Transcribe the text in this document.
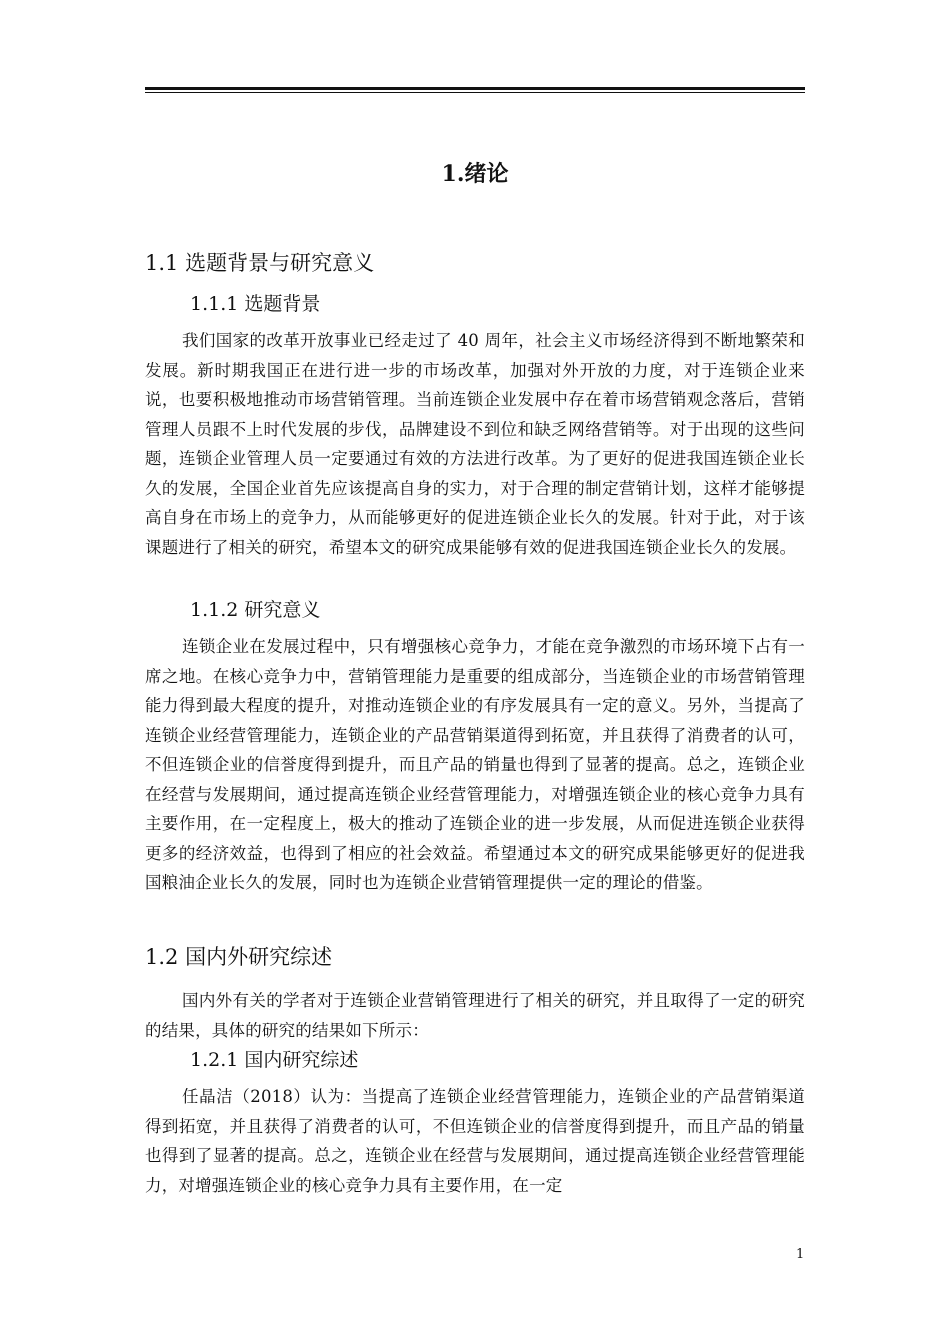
1.绪论
1.1 选题背景与研究意义
1.1.1 选题背景

我们国家的改革开放事业已经走过了 40 周年，社会主义市场经济得到不断地繁荣和发展。新时期我国正在进行进一步的市场改革，加强对外开放的力度，对于连锁企业来说，也要积极地推动市场营销管理。当前连锁企业发展中存在着市场营销观念落后，营销管理人员跟不上时代发展的步伐，品牌建设不到位和缺乏网络营销等。对于出现的这些问题，连锁企业管理人员一定要通过有效的方法进行改革。为了更好的促进我国连锁企业长久的发展，全国企业首先应该提高自身的实力，对于合理的制定营销计划，这样才能够提高自身在市场上的竞争力，从而能够更好的促进连锁企业长久的发展。针对于此，对于该课题进行了相关的研究，希望本文的研究成果能够有效的促进我国连锁企业长久的发展。

1.1.2 研究意义

连锁企业在发展过程中，只有增强核心竞争力，才能在竞争激烈的市场环境下占有一席之地。在核心竞争力中，营销管理能力是重要的组成部分，当连锁企业的市场营销管理能力得到最大程度的提升，对推动连锁企业的有序发展具有一定的意义。另外，当提高了连锁企业经营管理能力，连锁企业的产品营销渠道得到拓宽，并且获得了消费者的认可，不但连锁企业的信誉度得到提升，而且产品的销量也得到了显著的提高。总之，连锁企业在经营与发展期间，通过提高连锁企业经营管理能力，对增强连锁企业的核心竞争力具有主要作用，在一定程度上，极大的推动了连锁企业的进一步发展，从而促进连锁企业获得更多的经济效益，也得到了相应的社会效益。希望通过本文的研究成果能够更好的促进我国粮油企业长久的发展，同时也为连锁企业营销管理提供一定的理论的借鉴。

1.2 国内外研究综述

国内外有关的学者对于连锁企业营销管理进行了相关的研究，并且取得了一定的研究的结果，具体的研究的结果如下所示：

1.2.1 国内研究综述

任晶洁（2018）认为：当提高了连锁企业经营管理能力，连锁企业的产品营销渠道得到拓宽，并且获得了消费者的认可，不但连锁企业的信誉度得到提升，而且产品的销量也得到了显著的提高。总之，连锁企业在经营与发展期间，通过提高连锁企业经营管理能力，对增强连锁企业的核心竞争力具有主要作用，在一定

1
